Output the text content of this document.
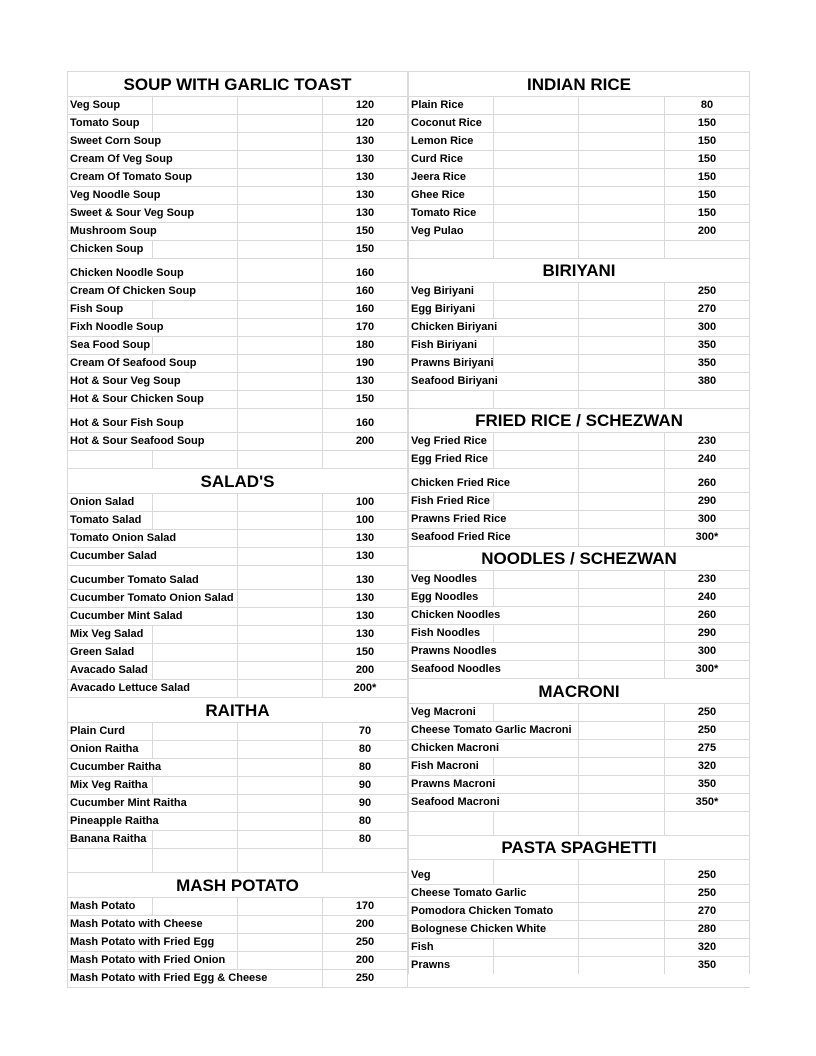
SOUP WITH GARLIC TOAST
Veg Soup	120
Tomato Soup	120
Sweet Corn Soup	130
Cream Of Veg Soup	130
Cream Of Tomato Soup	130
Veg Noodle Soup	130
Sweet & Sour Veg Soup	130
Mushroom Soup	150
Chicken Soup	150
Chicken Noodle Soup	160
Cream Of Chicken Soup	160
Fish Soup	160
Fixh Noodle Soup	170
Sea Food Soup	180
Cream Of Seafood Soup	190
Hot & Sour Veg Soup	130
Hot & Sour Chicken Soup	150
Hot & Sour Fish Soup	160
Hot & Sour Seafood Soup	200
SALAD'S
Onion Salad	100
Tomato Salad	100
Tomato Onion Salad	130
Cucumber Salad	130
Cucumber Tomato Salad	130
Cucumber Tomato Onion Salad	130
Cucumber Mint Salad	130
Mix Veg Salad	130
Green Salad	150
Avacado Salad	200
Avacado Lettuce Salad	200*
RAITHA
Plain Curd	70
Onion Raitha	80
Cucumber Raitha	80
Mix Veg Raitha	90
Cucumber Mint Raitha	90
Pineapple Raitha	80
Banana Raitha	80
MASH POTATO
Mash Potato	170
Mash Potato with Cheese	200
Mash Potato with Fried Egg	250
Mash Potato with Fried Onion	200
Mash Potato with Fried Egg & Cheese	250
INDIAN RICE
Plain Rice	80
Coconut Rice	150
Lemon Rice	150
Curd Rice	150
Jeera Rice	150
Ghee Rice	150
Tomato Rice	150
Veg Pulao	200
BIRIYANI
Veg Biriyani	250
Egg Biriyani	270
Chicken Biriyani	300
Fish Biriyani	350
Prawns Biriyani	350
Seafood Biriyani	380
FRIED RICE / SCHEZWAN
Veg Fried Rice	230
Egg Fried Rice	240
Chicken Fried Rice	260
Fish Fried Rice	290
Prawns Fried Rice	300
Seafood Fried Rice	300*
NOODLES / SCHEZWAN
Veg Noodles	230
Egg Noodles	240
Chicken Noodles	260
Fish Noodles	290
Prawns Noodles	300
Seafood Noodles	300*
MACRONI
Veg Macroni	250
Cheese Tomato Garlic Macroni	250
Chicken Macroni	275
Fish Macroni	320
Prawns Macroni	350
Seafood Macroni	350*
PASTA SPAGHETTI
Veg	250
Cheese Tomato Garlic	250
Pomodora Chicken Tomato	270
Bolognese Chicken White	280
Fish	320
Prawns	350
